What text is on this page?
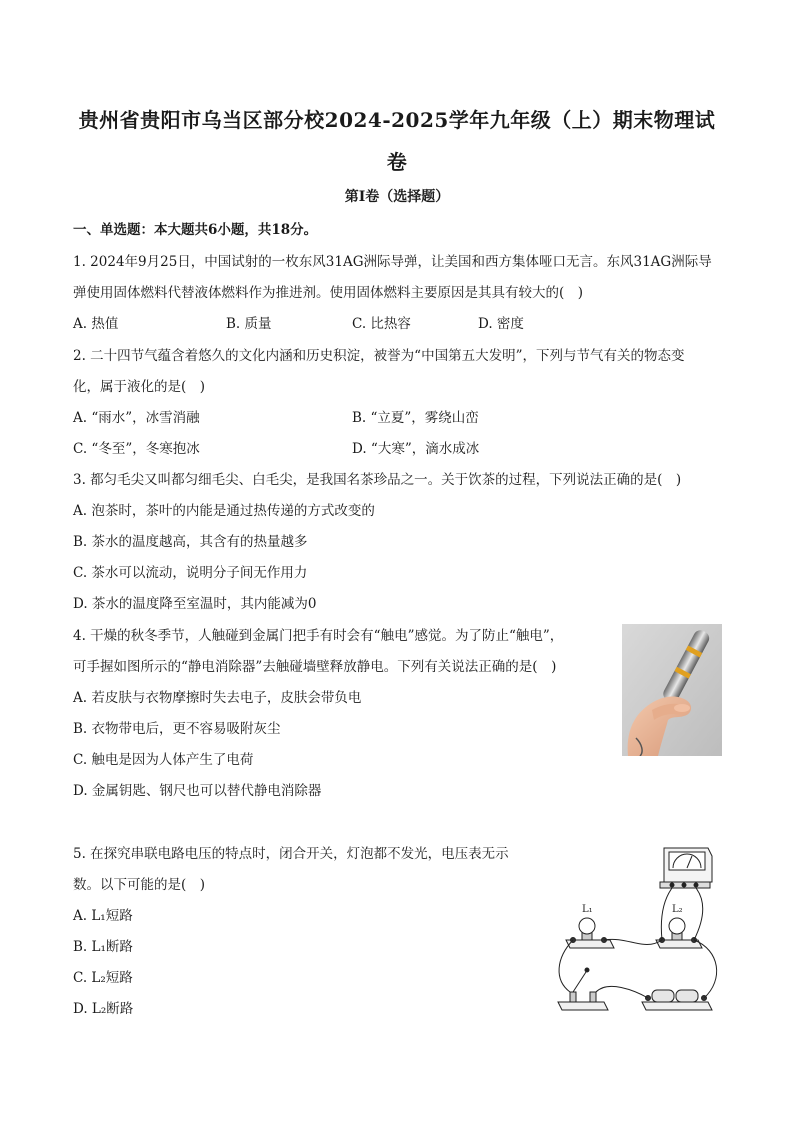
贵州省贵阳市乌当区部分校2024-2025学年九年级（上）期末物理试
卷
第I卷（选择题）
一、单选题：本大题共6小题，共18分。
1. 2024年9月25日，中国试射的一枚东风31AG洲际导弹，让美国和西方集体哑口无言。东风31AG洲际导
弹使用固体燃料代替液体燃料作为推进剂。使用固体燃料主要原因是其具有较大的(　)
A. 热值	B. 质量	C. 比热容	D. 密度
2. 二十四节气蕴含着悠久的文化内涵和历史积淀，被誉为“中国第五大发明”，下列与节气有关的物态变
化，属于液化的是(　)
A. “雨水”，冰雪消融	B. “立夏”，雾绕山峦
C. “冬至”，冬寒抱冰	D. “大寒”，滴水成冰
3. 都匀毛尖又叫都匀细毛尖、白毛尖，是我国名茶珍品之一。关于饮茶的过程，下列说法正确的是(　)
A. 泡茶时，茶叶的内能是通过热传递的方式改变的
B. 茶水的温度越高，其含有的热量越多
C. 茶水可以流动，说明分子间无作用力
D. 茶水的温度降至室温时，其内能减为0
4. 干燥的秋冬季节，人触碰到金属门把手有时会有“触电”感觉。为了防止“触电”，
可手握如图所示的“静电消除器”去触碰墙壁释放静电。下列有关说法正确的是(　)
A. 若皮肤与衣物摩擦时失去电子，皮肤会带负电
B. 衣物带电后，更不容易吸附灰尘
C. 触电是因为人体产生了电荷
D. 金属钥匙、钢尺也可以替代静电消除器
5. 在探究串联电路电压的特点时，闭合开关，灯泡都不发光，电压表无示
数。以下可能的是(　)
A. L₁短路
B. L₁断路
C. L₂短路
D. L₂断路
L₁	L₂
